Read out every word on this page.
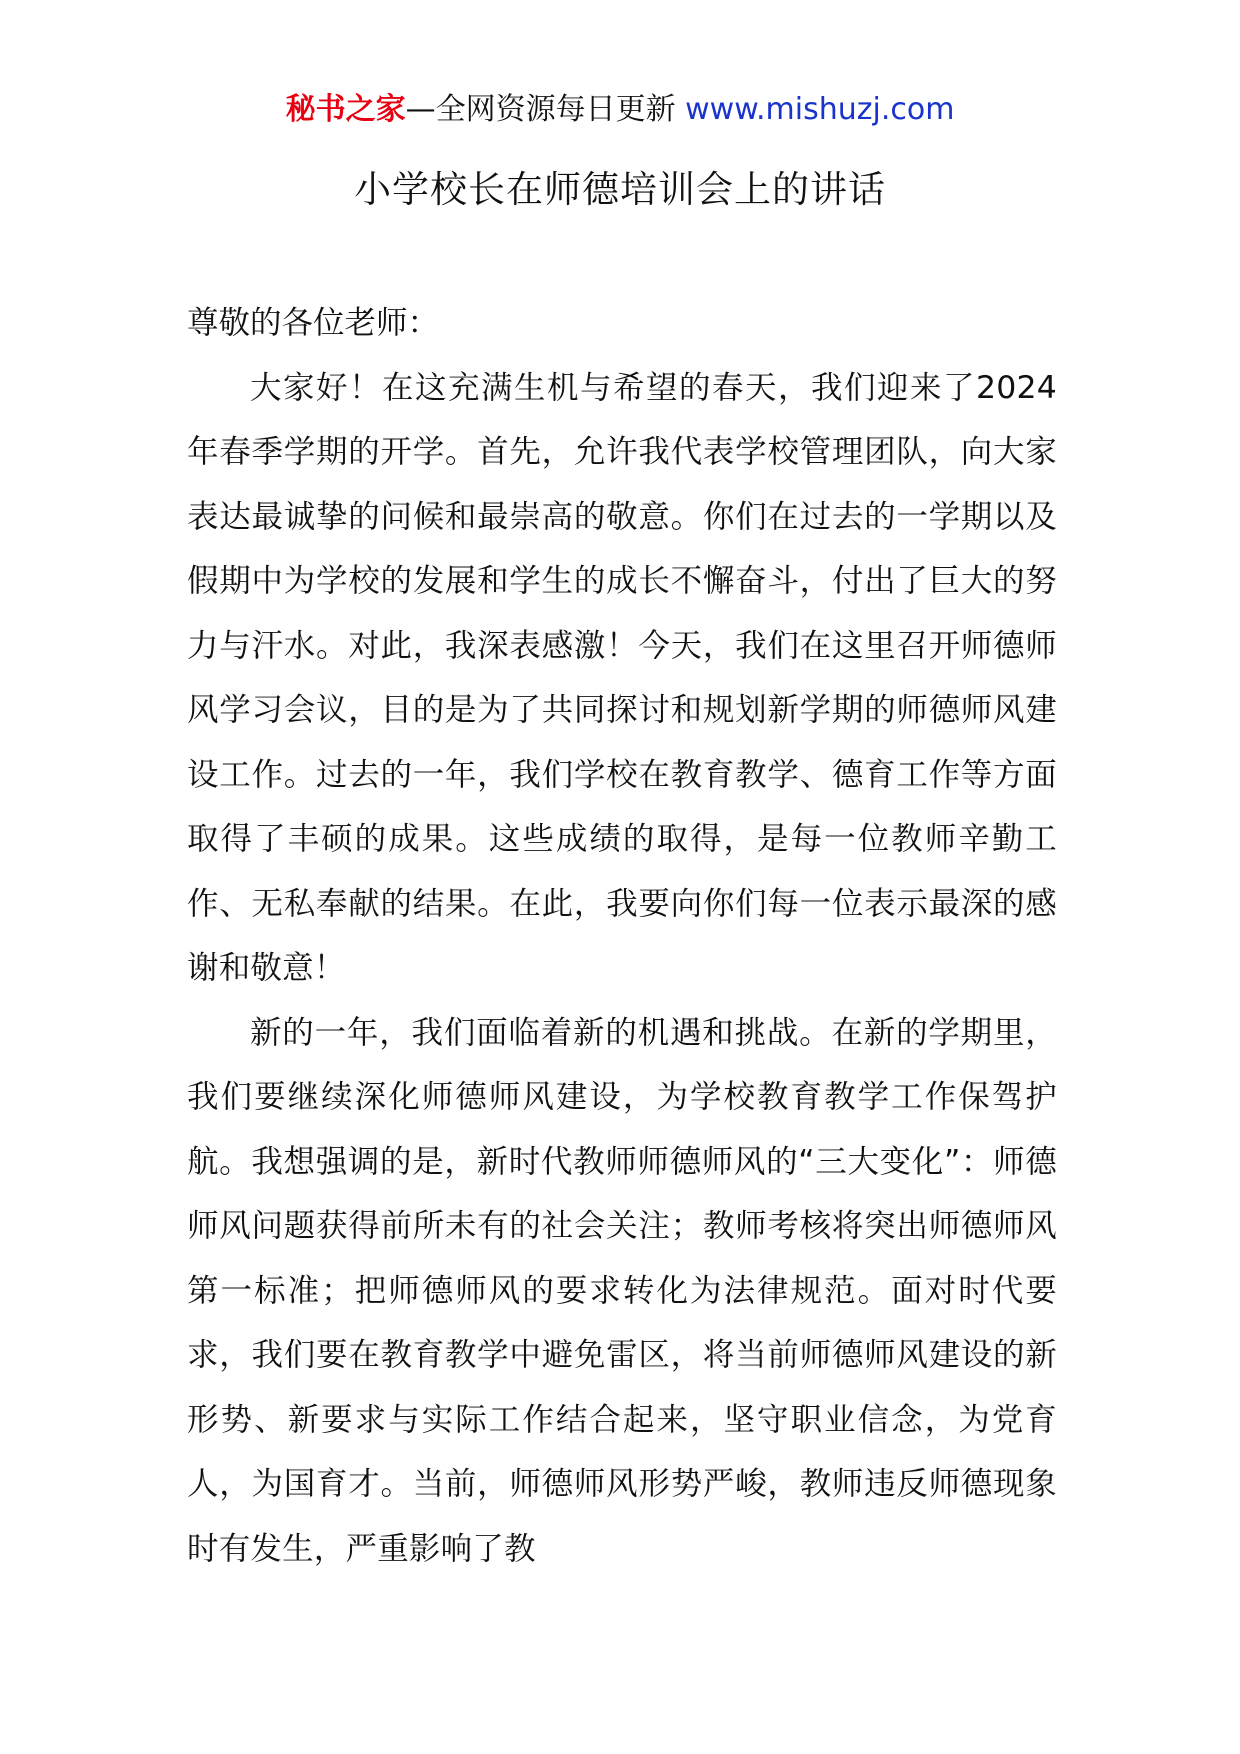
秘书之家—全网资源每日更新 www.mishuzj.com
小学校长在师德培训会上的讲话

尊敬的各位老师：

大家好！在这充满生机与希望的春天，我们迎来了2024年春季学期的开学。首先，允许我代表学校管理团队，向大家表达最诚挚的问候和最崇高的敬意。你们在过去的一学期以及假期中为学校的发展和学生的成长不懈奋斗，付出了巨大的努力与汗水。对此，我深表感激！今天，我们在这里召开师德师风学习会议，目的是为了共同探讨和规划新学期的师德师风建设工作。过去的一年，我们学校在教育教学、德育工作等方面取得了丰硕的成果。这些成绩的取得，是每一位教师辛勤工作、无私奉献的结果。在此，我要向你们每一位表示最深的感谢和敬意！

新的一年，我们面临着新的机遇和挑战。在新的学期里，我们要继续深化师德师风建设，为学校教育教学工作保驾护航。我想强调的是，新时代教师师德师风的“三大变化”：师德师风问题获得前所未有的社会关注；教师考核将突出师德师风第一标准；把师德师风的要求转化为法律规范。面对时代要求，我们要在教育教学中避免雷区，将当前师德师风建设的新形势、新要求与实际工作结合起来，坚守职业信念，为党育人，为国育才。当前，师德师风形势严峻，教师违反师德现象时有发生，严重影响了教
